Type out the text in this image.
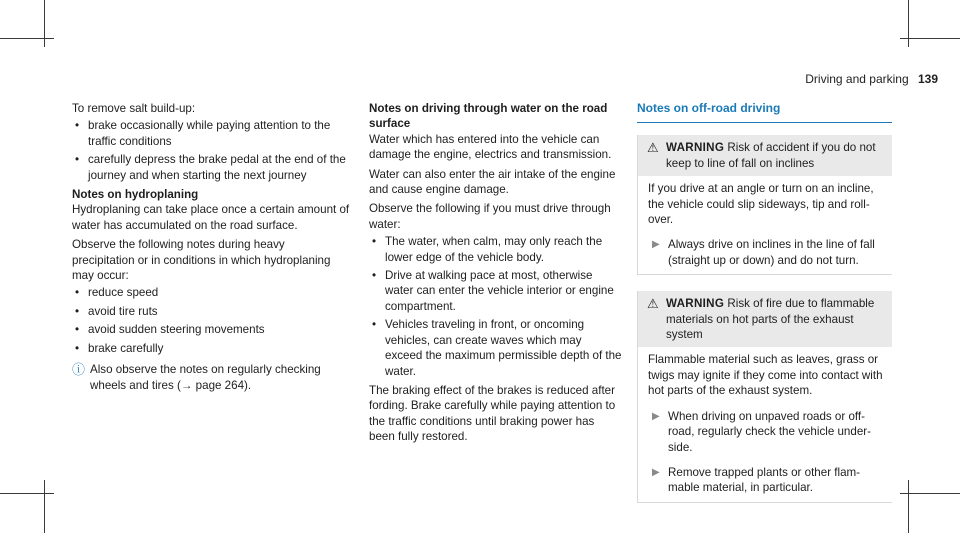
Driving and parking 139

To remove salt build-up:

• brake occasionally while paying attention to the traffic conditions
• carefully depress the brake pedal at the end of the journey and when starting the next journey

Notes on hydroplaning

Hydroplaning can take place once a certain amount of water has accumulated on the road surface.

Observe the following notes during heavy precipitation or in conditions in which hydroplaning may occur:

• reduce speed
• avoid tire ruts
• avoid sudden steering movements
• brake carefully
ⓘ Also observe the notes on regularly checking wheels and tires (→ page 264).

Notes on driving through water on the road surface

Water which has entered into the vehicle can damage the engine, electrics and transmission.

Water can also enter the air intake of the engine and cause engine damage.

Observe the following if you must drive through water:

• The water, when calm, may only reach the lower edge of the vehicle body.
• Drive at walking pace at most, otherwise water can enter the vehicle interior or engine compartment.
• Vehicles traveling in front, or oncoming vehicles, can create waves which may exceed the maximum permissible depth of the water.

The braking effect of the brakes is reduced after fording. Brake carefully while paying attention to the traffic conditions until braking power has been fully restored.

Notes on off-road driving
⚠ WARNING Risk of accident if you do not keep to line of fall on inclines

If you drive at an angle or turn on an incline, the vehicle could slip sideways, tip and roll-over.

▶ Always drive on inclines in the line of fall (straight up or down) and do not turn.
⚠ WARNING Risk of fire due to flammable materials on hot parts of the exhaust system

Flammable material such as leaves, grass or twigs may ignite if they come into contact with hot parts of the exhaust system.

▶ When driving on unpaved roads or off-road, regularly check the vehicle under-side.
▶ Remove trapped plants or other flam-mable material, in particular.
